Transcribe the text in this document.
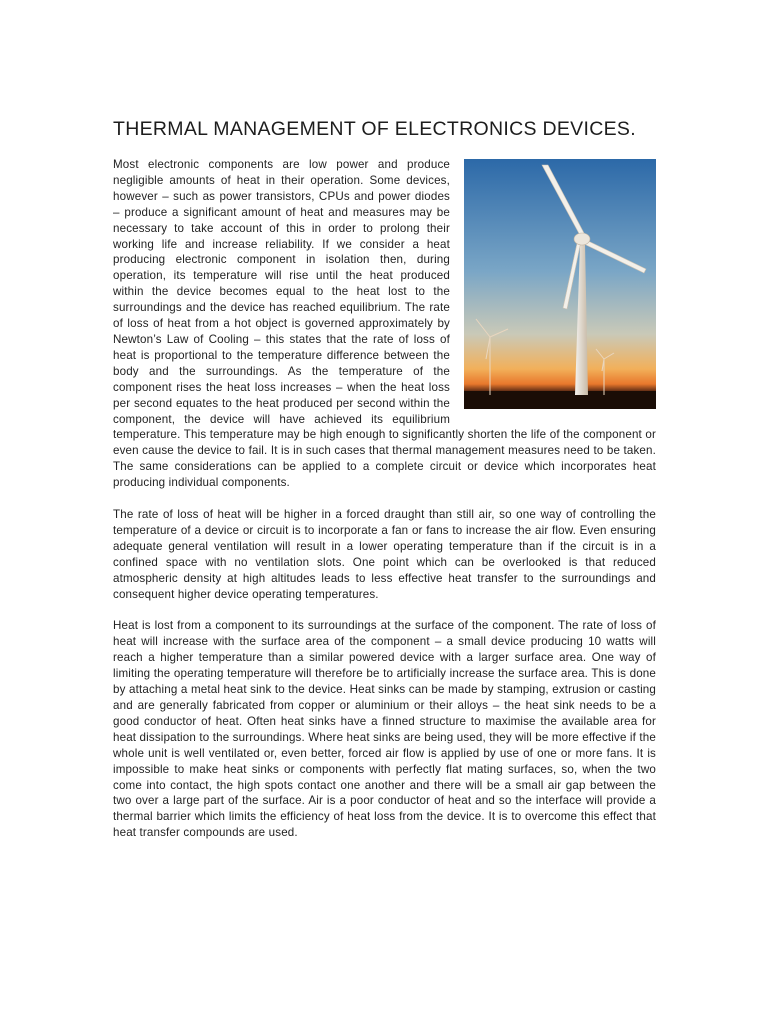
THERMAL MANAGEMENT OF ELECTRONICS DEVICES.

Most electronic components are low power and produce negligible amounts of heat in their operation. Some devices, however – such as power transistors, CPUs and power diodes – produce a significant amount of heat and measures may be necessary to take account of this in order to prolong their working life and increase reliability. If we consider a heat producing electronic component in isolation then, during operation, its temperature will rise until the heat produced within the device becomes equal to the heat lost to the surroundings and the device has reached equilibrium. The rate of loss of heat from a hot object is governed approximately by Newton’s Law of Cooling – this states that the rate of loss of heat is proportional to the temperature difference between the body and the surroundings. As the temperature of the component rises the heat loss increases – when the heat loss per second equates to the heat produced per second within the component, the device will have achieved its equilibrium temperature. This temperature may be high enough to significantly shorten the life of the component or even cause the device to fail. It is in such cases that thermal management measures need to be taken. The same considerations can be applied to a complete circuit or device which incorporates heat producing individual components.

The rate of loss of heat will be higher in a forced draught than still air, so one way of controlling the temperature of a device or circuit is to incorporate a fan or fans to increase the air flow. Even ensuring adequate general ventilation will result in a lower operating temperature than if the circuit is in a confined space with no ventilation slots. One point which can be overlooked is that reduced atmospheric density at high altitudes leads to less effective heat transfer to the surroundings and consequent higher device operating temperatures.

Heat is lost from a component to its surroundings at the surface of the component. The rate of loss of heat will increase with the surface area of the component – a small device producing 10 watts will reach a higher temperature than a similar powered device with a larger surface area. One way of limiting the operating temperature will therefore be to artificially increase the surface area. This is done by attaching a metal heat sink to the device. Heat sinks can be made by stamping, extrusion or casting and are generally fabricated from copper or aluminium or their alloys – the heat sink needs to be a good conductor of heat. Often heat sinks have a finned structure to maximise the available area for heat dissipation to the surroundings. Where heat sinks are being used, they will be more effective if the whole unit is well ventilated or, even better, forced air flow is applied by use of one or more fans. It is impossible to make heat sinks or components with perfectly flat mating surfaces, so, when the two come into contact, the high spots contact one another and there will be a small air gap between the two over a large part of the surface. Air is a poor conductor of heat and so the interface will provide a thermal barrier which limits the efficiency of heat loss from the device. It is to overcome this effect that heat transfer compounds are used.
